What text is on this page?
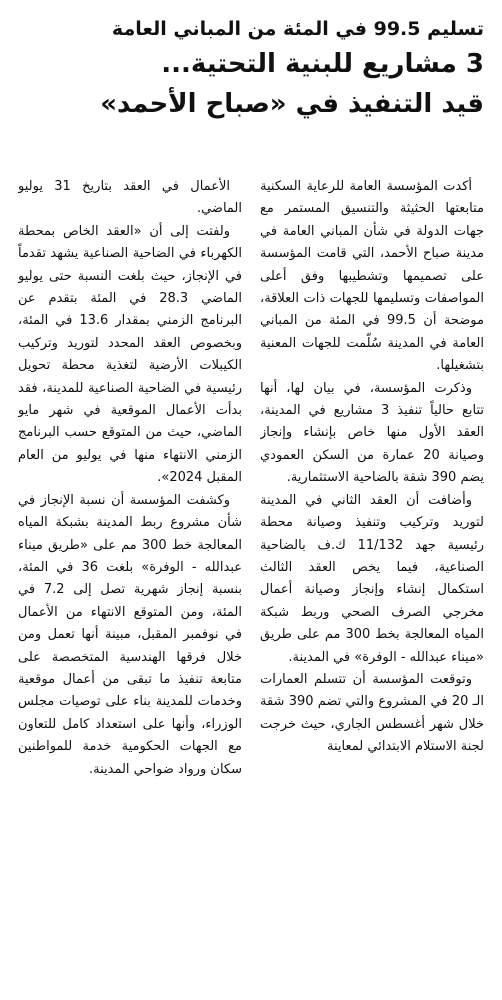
تسليم 99.5 في المئة من المباني العامة
3 مشاريع للبنية التحتية...
قيد التنفيذ في «صباح الأحمد»

أكدت المؤسسة العامة للرعاية السكنية متابعتها الحثيثة والتنسيق المستمر مع جهات الدولة في شأن المباني العامة في مدينة صباح الأحمد، التي قامت المؤسسة على تصميمها وتشطيبها وفق أعلى المواصفات وتسليمها للجهات ذات العلاقة، موضحة أن 99.5 في المئة من المباني العامة في المدينة سُلّمت للجهات المعنية بتشغيلها.

وذكرت المؤسسة، في بيان لها، أنها تتابع حالياً تنفيذ 3 مشاريع في المدينة، العقد الأول منها خاص بإنشاء وإنجاز وصيانة 20 عمارة من السكن العمودي يضم 390 شقة بالضاحية الاستثمارية.

وأضافت أن العقد الثاني في المدينة لتوريد وتركيب وتنفيذ وصيانة محطة رئيسية جهد 11/132 ك.ف بالضاحية الصناعية، فيما يخص العقد الثالث استكمال إنشاء وإنجاز وصيانة أعمال مخرجي الصرف الصحي وربط شبكة المياه المعالجة بخط 300 مم على طريق «ميناء عبدالله - الوفرة» في المدينة.

وتوقعت المؤسسة أن تتسلم العمارات الـ 20 في المشروع والتي تضم 390 شقة خلال شهر أغسطس الجاري، حيث خرجت لجنة الاستلام الابتدائي لمعاينة

الأعمال في العقد بتاريخ 31 يوليو الماضي.

ولفتت إلى أن «العقد الخاص بمحطة الكهرباء في الضاحية الصناعية يشهد تقدماً في الإنجاز، حيث بلغت النسبة حتى يوليو الماضي 28.3 في المئة بتقدم عن البرنامج الزمني بمقدار 13.6 في المئة، وبخصوص العقد المحدد لتوريد وتركيب الكيبلات الأرضية لتغذية محطة تحويل رئيسية في الضاحية الصناعية للمدينة، فقد بدأت الأعمال الموقعية في شهر مايو الماضي، حيث من المتوقع حسب البرنامج الزمني الانتهاء منها في يوليو من العام المقبل 2024».

وكشفت المؤسسة أن نسبة الإنجاز في شأن مشروع ربط المدينة بشبكة المياه المعالجة خط 300 مم على «طريق ميناء عبدالله - الوفرة» بلغت 36 في المئة، بنسبة إنجاز شهرية تصل إلى 7.2 في المئة، ومن المتوقع الانتهاء من الأعمال في نوفمبر المقبل، مبينة أنها تعمل ومن خلال فرقها الهندسية المتخصصة على متابعة تنفيذ ما تبقى من أعمال موقعية وخدمات للمدينة بناء على توصيات مجلس الوزراء، وأنها على استعداد كامل للتعاون مع الجهات الحكومية خدمة للمواطنين سكان ورواد ضواحي المدينة.
